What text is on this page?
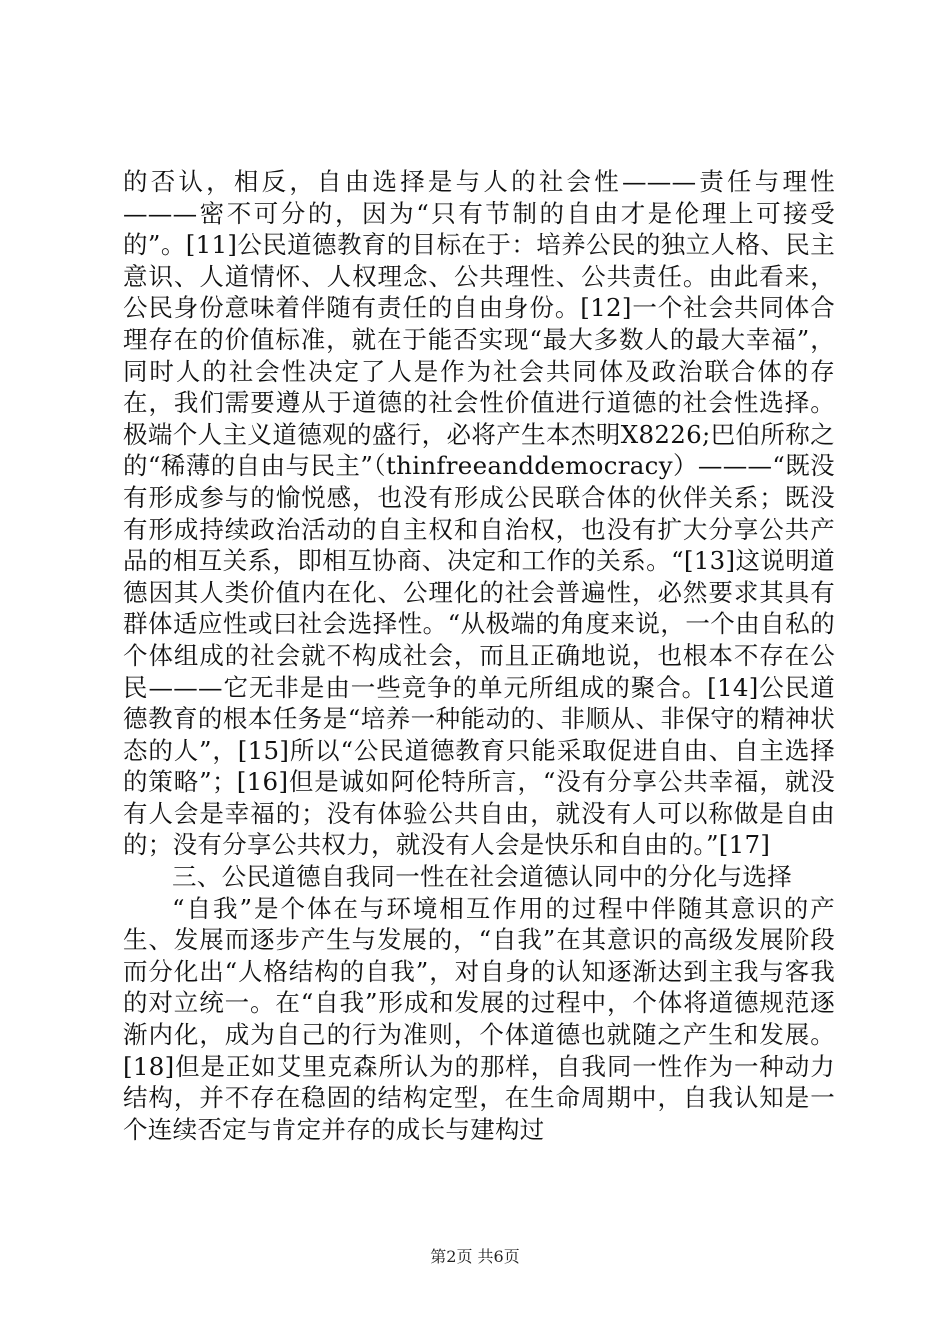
的否认，相反，自由选择是与人的社会性———责任与理性———密不可分的，因为“只有节制的自由才是伦理上可接受的”。[11]公民道德教育的目标在于：培养公民的独立人格、民主意识、人道情怀、人权理念、公共理性、公共责任。由此看来，公民身份意味着伴随有责任的自由身份。[12]一个社会共同体合理存在的价值标准，就在于能否实现“最大多数人的最大幸福”，同时人的社会性决定了人是作为社会共同体及政治联合体的存在，我们需要遵从于道德的社会性价值进行道德的社会性选择。极端个人主义道德观的盛行，必将产生本杰明X8226;巴伯所称之的“稀薄的自由与民主”（thinfreeanddemocracy）———“既没有形成参与的愉悦感，也没有形成公民联合体的伙伴关系；既没有形成持续政治活动的自主权和自治权，也没有扩大分享公共产品的相互关系，即相互协商、决定和工作的关系。“[13]这说明道德因其人类价值内在化、公理化的社会普遍性，必然要求其具有群体适应性或曰社会选择性。“从极端的角度来说，一个由自私的个体组成的社会就不构成社会，而且正确地说，也根本不存在公民———它无非是由一些竞争的单元所组成的聚合。[14]公民道德教育的根本任务是“培养一种能动的、非顺从、非保守的精神状态的人”，[15]所以“公民道德教育只能采取促进自由、自主选择的策略”；[16]但是诚如阿伦特所言，“没有分享公共幸福，就没有人会是幸福的；没有体验公共自由，就没有人可以称做是自由的；没有分享公共权力，就没有人会是快乐和自由的。”[17]

三、公民道德自我同一性在社会道德认同中的分化与选择

“自我”是个体在与环境相互作用的过程中伴随其意识的产生、发展而逐步产生与发展的，“自我”在其意识的高级发展阶段而分化出“人格结构的自我”，对自身的认知逐渐达到主我与客我的对立统一。在“自我”形成和发展的过程中，个体将道德规范逐渐内化，成为自己的行为准则，个体道德也就随之产生和发展。[18]但是正如艾里克森所认为的那样，自我同一性作为一种动力结构，并不存在稳固的结构定型，在生命周期中，自我认知是一个连续否定与肯定并存的成长与建构过

第2页 共6页
